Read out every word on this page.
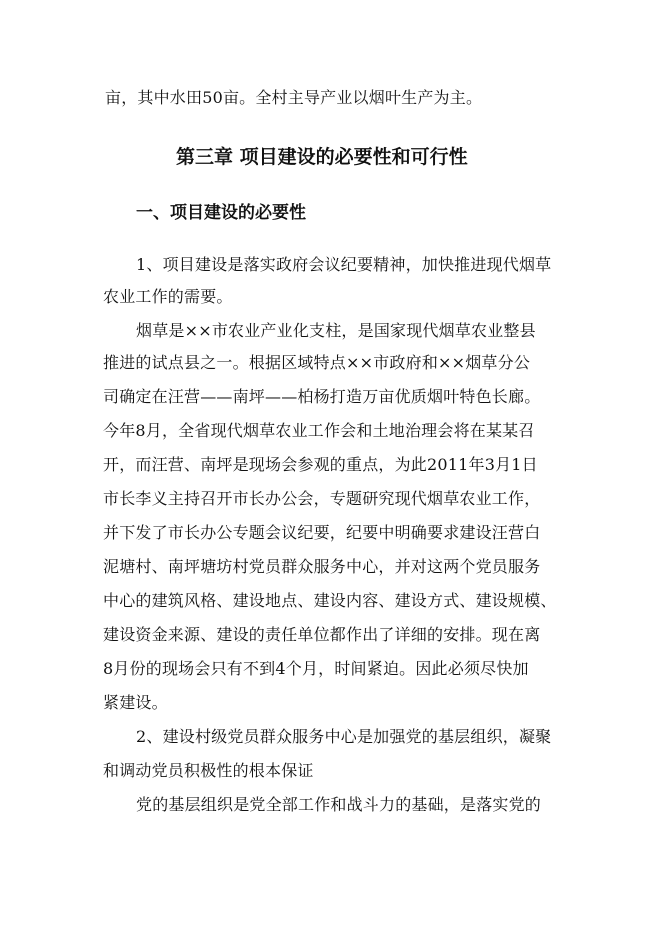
亩，其中水田50亩。全村主导产业以烟叶生产为主。
第三章 项目建设的必要性和可行性
一、项目建设的必要性
1、项目建设是落实政府会议纪要精神，加快推进现代烟草
农业工作的需要。
烟草是××市农业产业化支柱，是国家现代烟草农业整县
推进的试点县之一。根据区域特点××市政府和××烟草分公
司确定在汪营——南坪——柏杨打造万亩优质烟叶特色长廊。
今年8月，全省现代烟草农业工作会和土地治理会将在某某召
开，而汪营、南坪是现场会参观的重点，为此2011年3月1日
市长李义主持召开市长办公会，专题研究现代烟草农业工作，
并下发了市长办公专题会议纪要，纪要中明确要求建设汪营白
泥塘村、南坪塘坊村党员群众服务中心，并对这两个党员服务
中心的建筑风格、建设地点、建设内容、建设方式、建设规模、
建设资金来源、建设的责任单位都作出了详细的安排。现在离
8月份的现场会只有不到4个月，时间紧迫。因此必须尽快加
紧建设。
2、建设村级党员群众服务中心是加强党的基层组织，凝聚
和调动党员积极性的根本保证
党的基层组织是党全部工作和战斗力的基础，是落实党的
